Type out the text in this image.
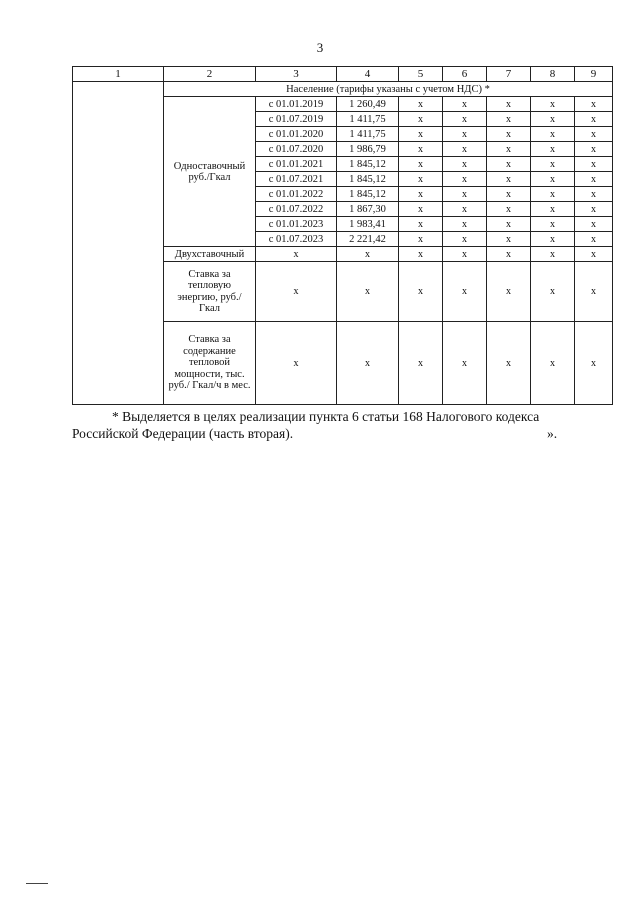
3
1	2	3	4	5	6	7	8	9
	Население (тарифы указаны с учетом НДС) *							
	Одноставочный руб./Гкал	с 01.01.2019	1 260,49	х	х	х	х	х
		с 01.07.2019	1 411,75	х	х	х	х	х
		с 01.01.2020	1 411,75	х	х	х	х	х
		с 01.07.2020	1 986,79	х	х	х	х	х
		с 01.01.2021	1 845,12	х	х	х	х	х
		с 01.07.2021	1 845,12	х	х	х	х	х
		с 01.01.2022	1 845,12	х	х	х	х	х
		с 01.07.2022	1 867,30	х	х	х	х	х
		с 01.01.2023	1 983,41	х	х	х	х	х
		с 01.07.2023	2 221,42	х	х	х	х	х
	Двухставочный	х	х	х	х	х	х	х
	Ставка за тепловую энергию, руб./Гкал	х	х	х	х	х	х	х
	Ставка за содержание тепловой мощности, тыс. руб./ Гкал/ч в мес.	х	х	х	х	х	х	х
* Выделяется в целях реализации пункта 6 статьи 168 Налогового кодекса
Российской Федерации (часть вторая).	».
